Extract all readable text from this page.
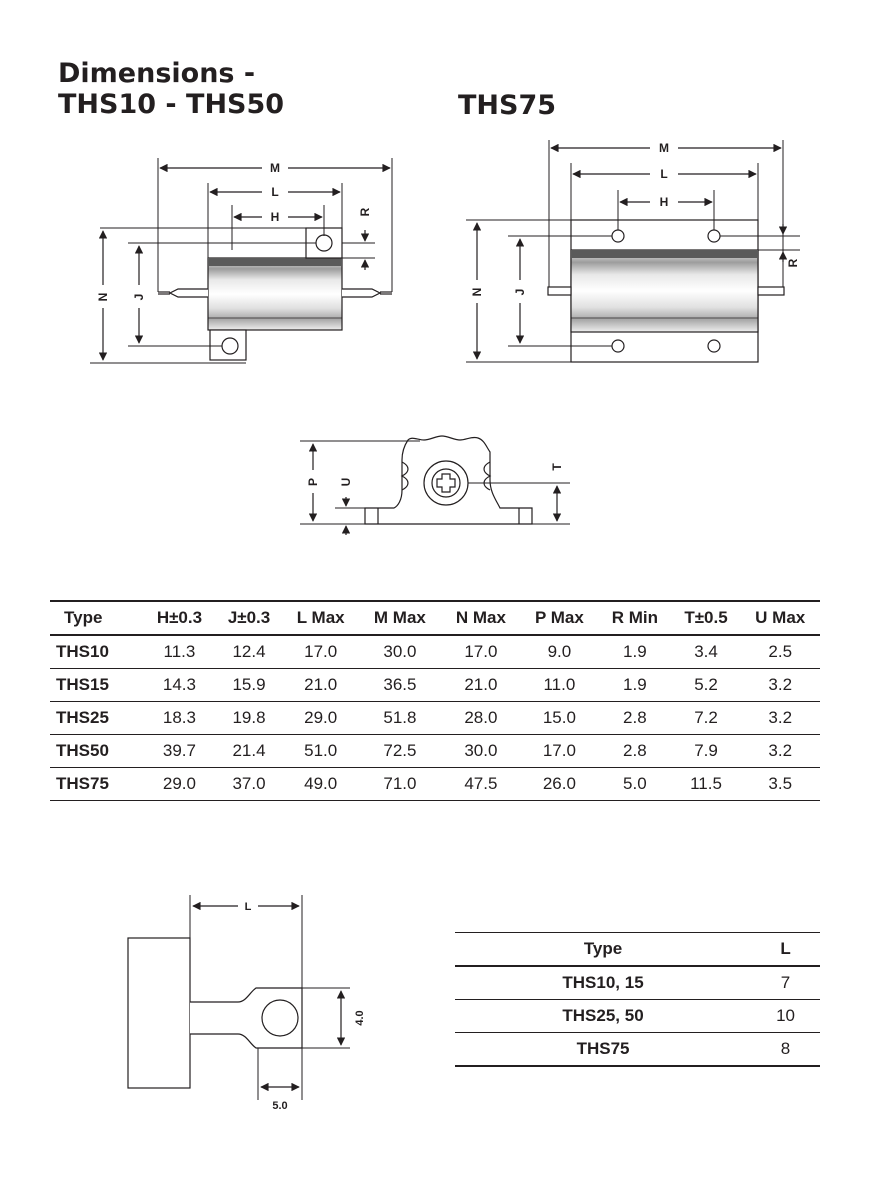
Dimensions -
THS10 - THS50	THS75
M
L
H	R
N J
M
L
H
R
N J
P U
T
L
4.0
5.0
Type	H±0.3	J±0.3	L Max	M Max	N Max	P Max	R Min	T±0.5	U Max
THS10	11.3	12.4	17.0	30.0	17.0	9.0	1.9	3.4	2.5
THS15	14.3	15.9	21.0	36.5	21.0	11.0	1.9	5.2	3.2
THS25	18.3	19.8	29.0	51.8	28.0	15.0	2.8	7.2	3.2
THS50	39.7	21.4	51.0	72.5	30.0	17.0	2.8	7.9	3.2
THS75	29.0	37.0	49.0	71.0	47.5	26.0	5.0	11.5	3.5
Type	L
THS10, 15	7
THS25, 50	10
THS75	8
